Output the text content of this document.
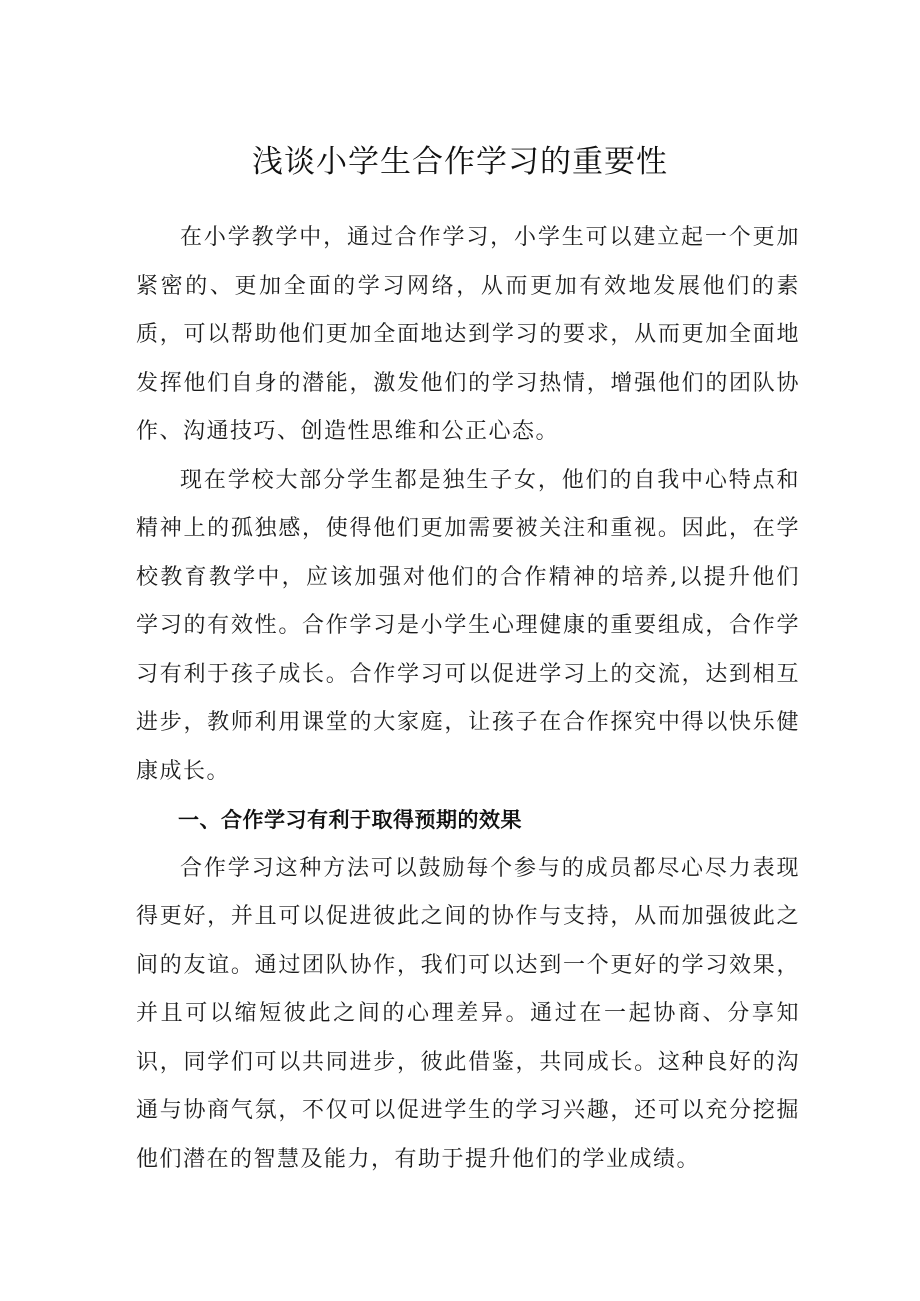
浅谈小学生合作学习的重要性

在小学教学中，通过合作学习，小学生可以建立起一个更加紧密的、更加全面的学习网络，从而更加有效地发展他们的素质，可以帮助他们更加全面地达到学习的要求，从而更加全面地发挥他们自身的潜能，激发他们的学习热情，增强他们的团队协作、沟通技巧、创造性思维和公正心态。

现在学校大部分学生都是独生子女，他们的自我中心特点和精神上的孤独感，使得他们更加需要被关注和重视。因此，在学校教育教学中，应该加强对他们的合作精神的培养,以提升他们学习的有效性。合作学习是小学生心理健康的重要组成，合作学习有利于孩子成长。合作学习可以促进学习上的交流，达到相互进步，教师利用课堂的大家庭，让孩子在合作探究中得以快乐健康成长。

一、合作学习有利于取得预期的效果

合作学习这种方法可以鼓励每个参与的成员都尽心尽力表现得更好，并且可以促进彼此之间的协作与支持，从而加强彼此之间的友谊。通过团队协作，我们可以达到一个更好的学习效果，并且可以缩短彼此之间的心理差异。通过在一起协商、分享知识，同学们可以共同进步，彼此借鉴，共同成长。这种良好的沟通与协商气氛，不仅可以促进学生的学习兴趣，还可以充分挖掘他们潜在的智慧及能力，有助于提升他们的学业成绩。
